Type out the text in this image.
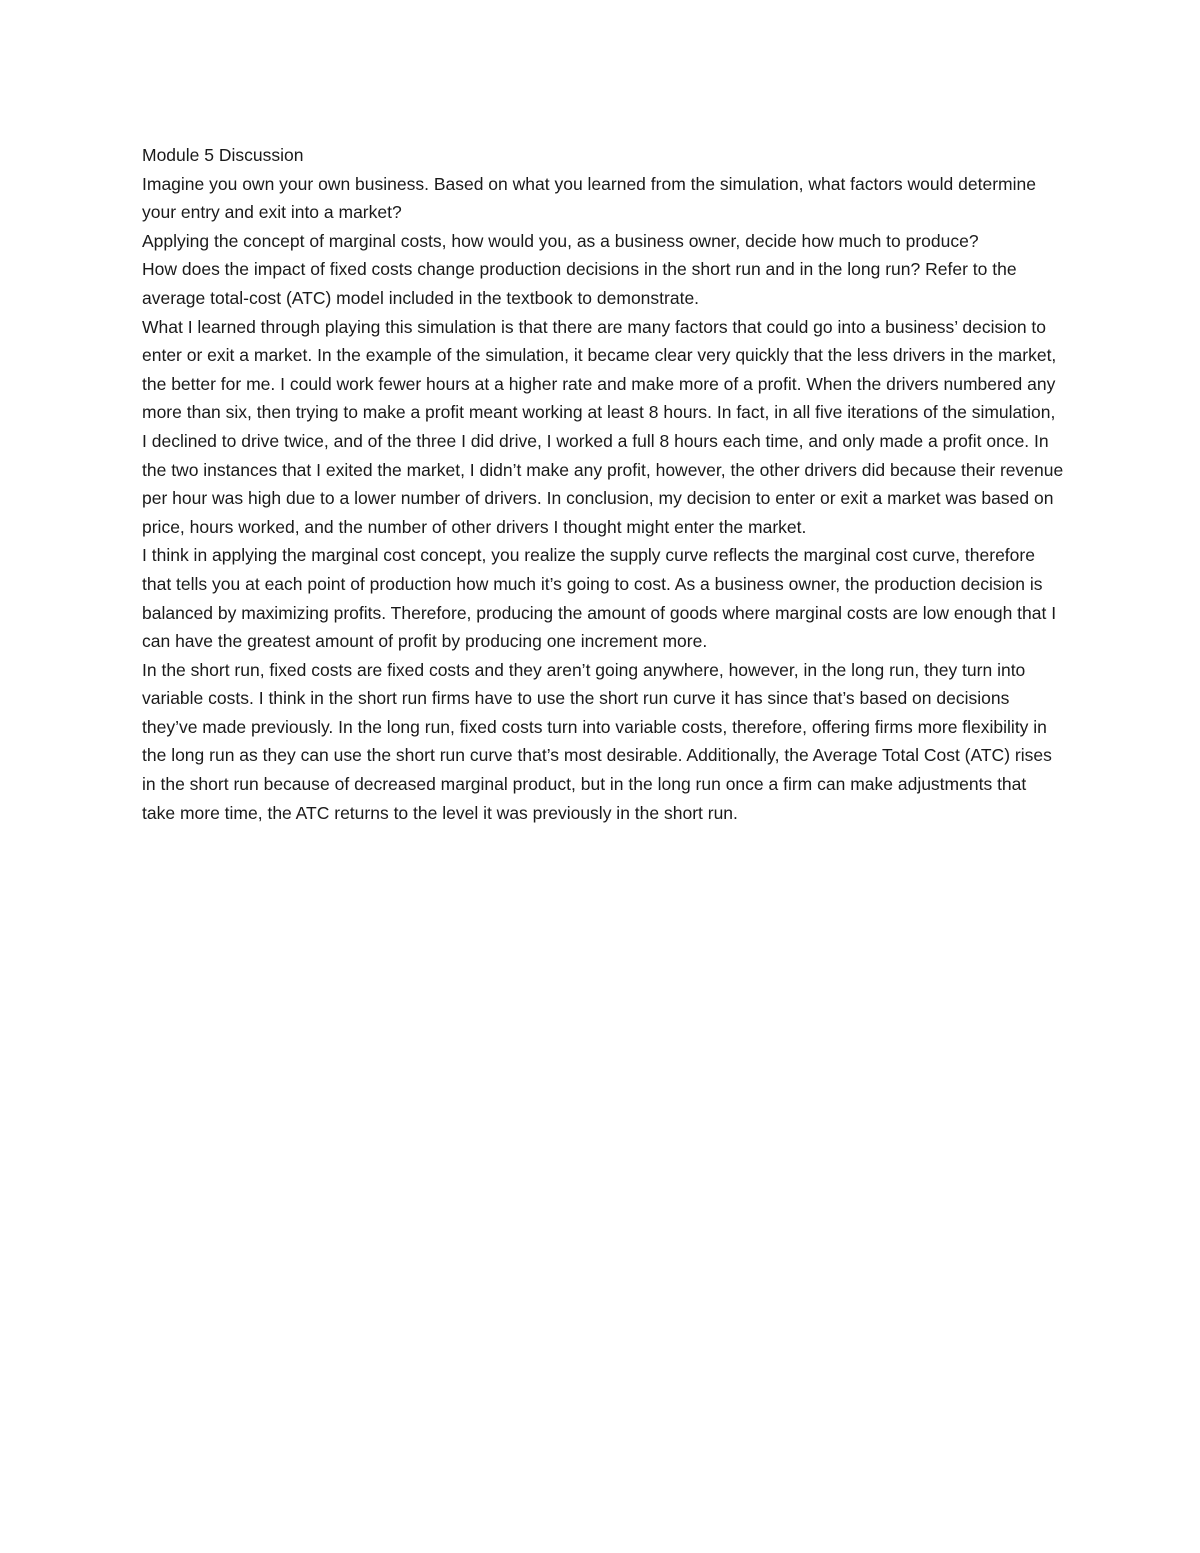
Module 5 Discussion

Imagine you own your own business. Based on what you learned from the simulation, what factors would determine your entry and exit into a market?

Applying the concept of marginal costs, how would you, as a business owner, decide how much to produce?

How does the impact of fixed costs change production decisions in the short run and in the long run? Refer to the average total-cost (ATC) model included in the textbook to demonstrate.

What I learned through playing this simulation is that there are many factors that could go into a business’ decision to enter or exit a market. In the example of the simulation, it became clear very quickly that the less drivers in the market, the better for me. I could work fewer hours at a higher rate and make more of a profit. When the drivers numbered any more than six, then trying to make a profit meant working at least 8 hours. In fact, in all five iterations of the simulation, I declined to drive twice, and of the three I did drive, I worked a full 8 hours each time, and only made a profit once. In the two instances that I exited the market, I didn’t make any profit, however, the other drivers did because their revenue per hour was high due to a lower number of drivers. In conclusion, my decision to enter or exit a market was based on price, hours worked, and the number of other drivers I thought might enter the market.

I think in applying the marginal cost concept, you realize the supply curve reflects the marginal cost curve, therefore that tells you at each point of production how much it’s going to cost. As a business owner, the production decision is balanced by maximizing profits. Therefore, producing the amount of goods where marginal costs are low enough that I can have the greatest amount of profit by producing one increment more.

In the short run, fixed costs are fixed costs and they aren’t going anywhere, however, in the long run, they turn into variable costs. I think in the short run firms have to use the short run curve it has since that’s based on decisions they’ve made previously. In the long run, fixed costs turn into variable costs, therefore, offering firms more flexibility in the long run as they can use the short run curve that’s most desirable. Additionally, the Average Total Cost (ATC) rises in the short run because of decreased marginal product, but in the long run once a firm can make adjustments that take more time, the ATC returns to the level it was previously in the short run.
